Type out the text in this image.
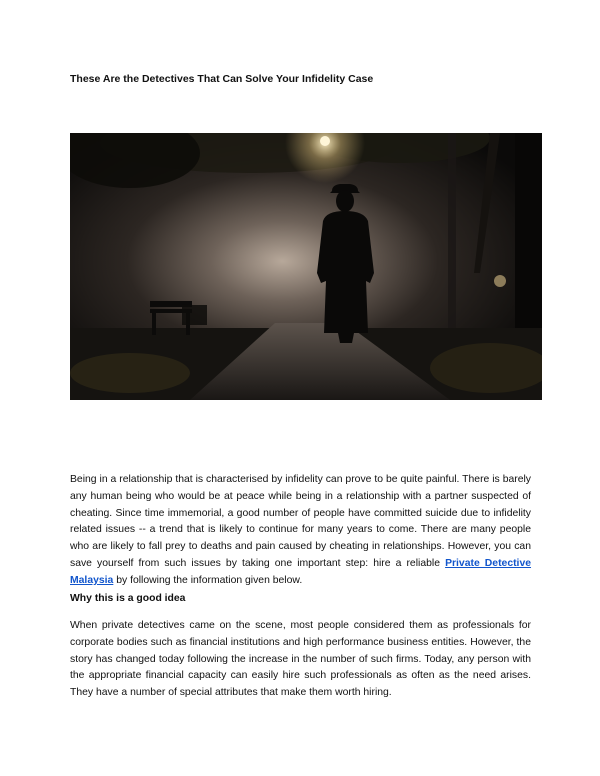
These Are the Detectives That Can Solve Your Infidelity Case

Being in a relationship that is characterised by infidelity can prove to be quite painful. There is barely any human being who would be at peace while being in a relationship with a partner suspected of cheating. Since time immemorial, a good number of people have committed suicide due to infidelity related issues -- a trend that is likely to continue for many years to come. There are many people who are likely to fall prey to deaths and pain caused by cheating in relationships. However, you can save yourself from such issues by taking one important step: hire a reliable Private Detective Malaysia by following the information given below.

Why this is a good idea

When private detectives came on the scene, most people considered them as professionals for corporate bodies such as financial institutions and high performance business entities. However, the story has changed today following the increase in the number of such firms. Today, any person with the appropriate financial capacity can easily hire such professionals as often as the need arises. They have a number of special attributes that make them worth hiring.
